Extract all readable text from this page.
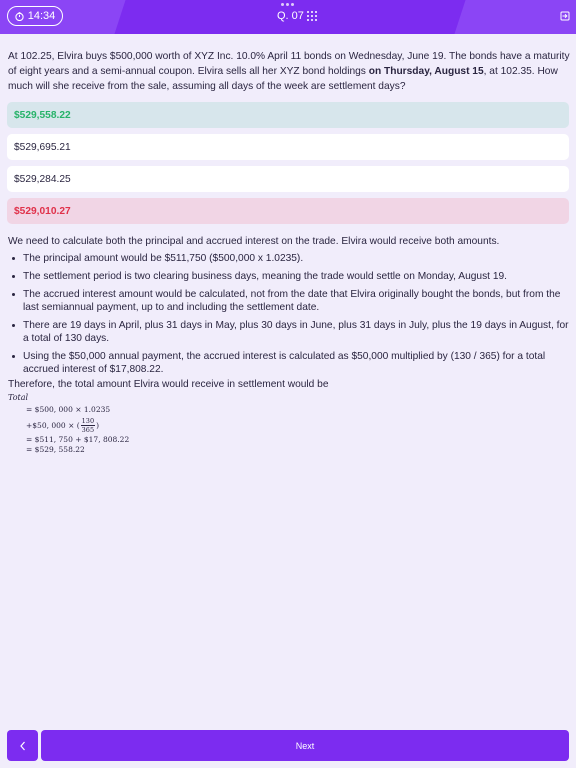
14:34	Q. 07

At 102.25, Elvira buys $500,000 worth of XYZ Inc. 10.0% April 11 bonds on Wednesday, June 19. The bonds have a maturity of eight years and a semi-annual coupon. Elvira sells all her XYZ bond holdings on Thursday, August 15, at 102.35. How much will she receive from the sale, assuming all days of the week are settlement days?

$529,558.22
$529,695.21
$529,284.25
$529,010.27

We need to calculate both the principal and accrued interest on the trade. Elvira would receive both amounts.

The principal amount would be $511,750 ($500,000 x 1.0235).
The settlement period is two clearing business days, meaning the trade would settle on Monday, August 19.
The accrued interest amount would be calculated, not from the date that Elvira originally bought the bonds, but from the last semiannual payment, up to and including the settlement date.
There are 19 days in April, plus 31 days in May, plus 30 days in June, plus 31 days in July, plus the 19 days in August, for a total of 130 days.
Using the $50,000 annual payment, the accrued interest is calculated as $50,000 multiplied by (130 / 365) for a total accrued interest of $17,808.22.

Therefore, the total amount Elvira would receive in settlement would be

Total
= $500, 000 × 1.0235
+$50, 000 × ( $\frac{130}{365}$ )
= $511, 750 + $17, 808.22
= $529, 558.22
Next
